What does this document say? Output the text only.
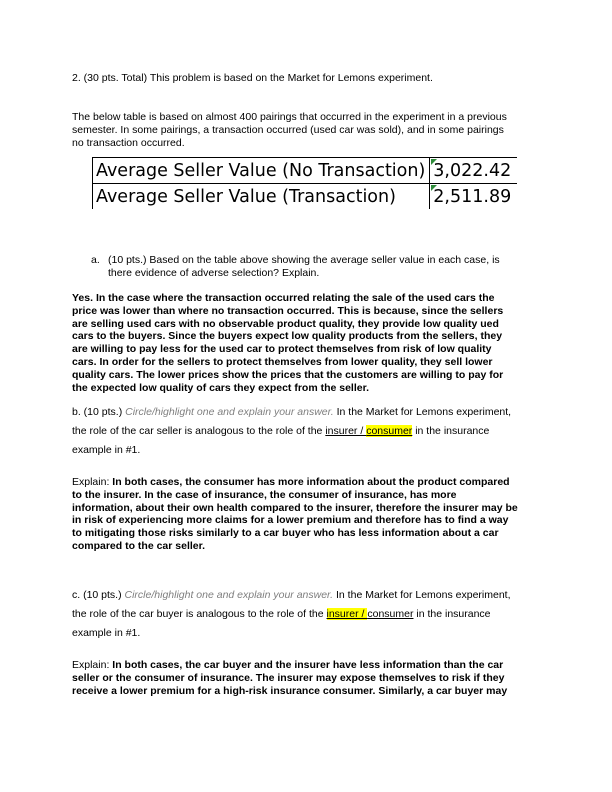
2. (30 pts. Total) This problem is based on the Market for Lemons experiment.
The below table is based on almost 400 pairings that occurred in the experiment in a previous
semester. In some pairings, a transaction occurred (used car was sold), and in some pairings
no transaction occurred.
Average Seller Value (No Transaction)	3,022.42
Average Seller Value (Transaction)	2,511.89
a. (10 pts.) Based on the table above showing the average seller value in each case, is
there evidence of adverse selection? Explain.
Yes. In the case where the transaction occurred relating the sale of the used cars the
price was lower than where no transaction occurred. This is because, since the sellers
are selling used cars with no observable product quality, they provide low quality ued
cars to the buyers. Since the buyers expect low quality products from the sellers, they
are willing to pay less for the used car to protect themselves from risk of low quality
cars. In order for the sellers to protect themselves from lower quality, they sell lower
quality cars. The lower prices show the prices that the customers are willing to pay for
the expected low quality of cars they expect from the seller.
b. (10 pts.) Circle/highlight one and explain your answer. In the Market for Lemons experiment,
the role of the car seller is analogous to the role of the insurer / consumer in the insurance
example in #1.
Explain: In both cases, the consumer has more information about the product compared
to the insurer. In the case of insurance, the consumer of insurance, has more
information, about their own health compared to the insurer, therefore the insurer may be
in risk of experiencing more claims for a lower premium and therefore has to find a way
to mitigating those risks similarly to a car buyer who has less information about a car
compared to the car seller.
c. (10 pts.) Circle/highlight one and explain your answer. In the Market for Lemons experiment,
the role of the car buyer is analogous to the role of the insurer / consumer in the insurance
example in #1.
Explain: In both cases, the car buyer and the insurer have less information than the car
seller or the consumer of insurance. The insurer may expose themselves to risk if they
receive a lower premium for a high-risk insurance consumer. Similarly, a car buyer may
